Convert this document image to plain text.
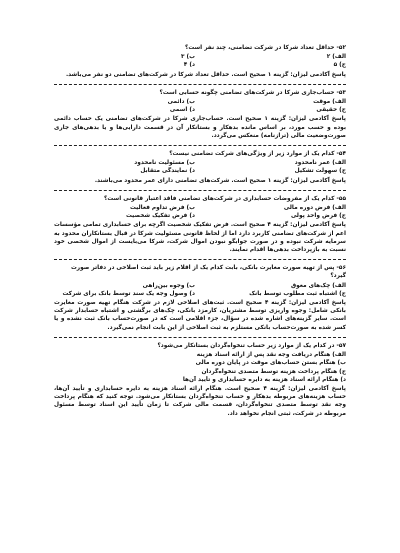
۵۲- حداقل تعداد شرکا در شرکت تضامنی، چند نفر است؟
الف) ۲
ب) ۳
ج) ۵
د) ۴
پاسخ آکادمی لیزان: گزینه ۱ صحیح است. حداقل تعداد شرکا در شرکت‌های تضامنی دو نفر می‌باشد.
۵۳- حساب‌جاری شرکا در شرکت‌های تضامنی چگونه حسابی است؟
الف) موقت
ب) دائمی
ج) حقیقی
د) اسمی
پاسخ آکادمی لیزان: گزینه ۱ صحیح است. حساب‌جاری شرکا در شرکت‌های تضامنی یک حساب دائمی بوده و حسب مورد، بر اساس مانده بدهکار و بستانکار آن در قسمت دارایی‌ها و یا بدهی‌های جاری صورت‌وضعیت مالی (ترازنامه) منعکس می‌گردد.
۵۴- کدام یک از موارد زیر از ویژگی‌های شرکت تضامنی نیست؟
الف) عمر نامحدود
ب) مسئولیت نامحدود
ج) سهولت تشکیل
د) نمایندگی متقابل
پاسخ آکادمی لیزان: گزینه ۱ صحیح است. شرکت‌های تضامنی دارای عمر محدود می‌باشند.
۵۵- کدام یک از مفروضات حسابداری در شرکت‌های تضامنی فاقد اعتبار قانونی است؟
الف) فرض دوره مالی
ب) فرض تداوم فعالیت
ج) فرض واحد پولی
د) فرض تفکیک شخصیت
پاسخ آکادمی لیزان: گزینه ۴ صحیح است. فرض تفکیک شخصیت اگرچه برای حسابداری تمامی مؤسسات اعم از شرکت‌های تضامنی کاربرد دارد اما از لحاظ قانونی مسئولیت شرکا در قبال بستانکاران محدود به سرمایه شرکت نبوده و در صورت جوابگو نبودن اموال شرکت، شرکا می‌بایست از اموال شخصی خود نسبت به بازپرداخت بدهی‌ها اقدام نمایند.
۵۶- پس از تهیه صورت مغایرت بانکی، بابت کدام یک از اقلام زیر باید ثبت اصلاحی در دفاتر صورت گیرد؟
الف) چک‌های معوق
ب) وجوه بین‌راهی
ج) اشتباه ثبت مطلوب توسط بانک
د) وصول وجه یک سند توسط بانک برای شرکت
پاسخ آکادمی لیزان: گزینه ۴ صحیح است. ثبت‌های اصلاحی لازم در شرکت هنگام تهیه صورت مغایرت بانکی شامل: وجوه واریزی توسط مشتریان، کارمزد بانکی، چک‌های برگشتی و اشتباه حسابدار شرکت است. سایر گزینه‌های اشاره شده در سؤال، جزء اقلامی است که در صورت‌حساب بانک ثبت نشده و یا کسر شده به صورت‌حساب بانکی مستلزم به ثبت اصلاحی از این بابت انجام نمی‌گیرد.
۵۷- در کدام یک از موارد زیر حساب تنخواه‌گردان بستانکار می‌شود؟
الف) هنگام دریافت وجه نقد پس از ارائه اسناد هزینه
ب) هنگام بستن حساب‌های موقت در پایان دوره مالی
ج) هنگام پرداخت هزینه توسط متصدی تنخواه‌گردان
د) هنگام ارائه اسناد هزینه به دایره حسابداری و تأیید آن‌ها
پاسخ آکادمی لیزان: گزینه ۴ صحیح است. هنگام ارائه اسناد هزینه به دایره حسابداری و تأیید آن‌ها، حساب هزینه‌های مربوطه بدهکار و حساب تنخواه‌گردان بستانکار می‌شود. توجه کنید که هنگام پرداخت وجه نقد توسط متصدی تنخواه‌گردان، قسمت مالی شرکت تا زمان تأیید این اسناد توسط مسئول مربوطه در شرکت، ثبتی انجام نخواهد داد.
